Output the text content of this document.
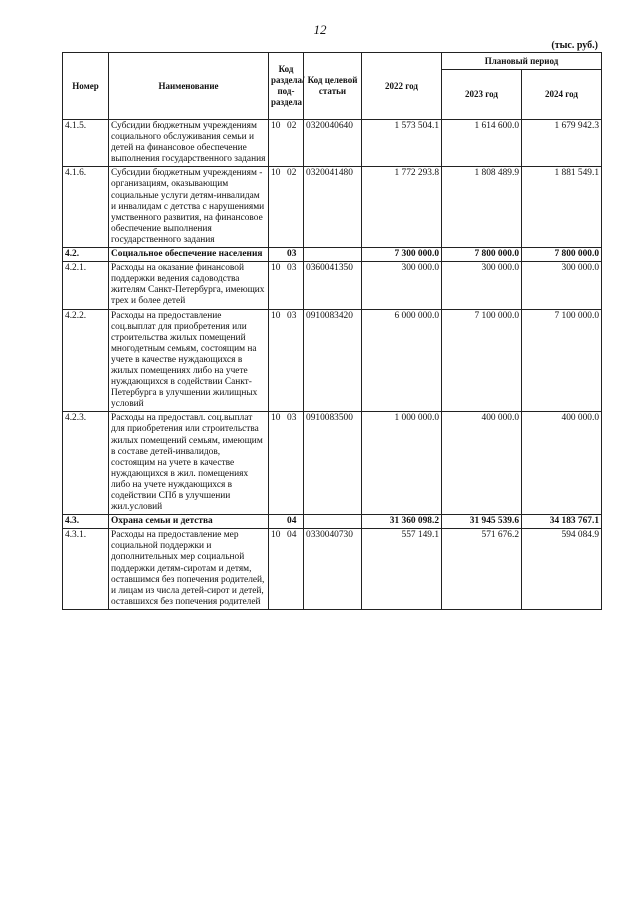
12
(тыс. руб.)
Номер	Наименование	Код раздела/ под-раздела	Код целевой статьи	2022 год	Плановый период	
					2023 год	2024 год
4.1.5.	Субсидии бюджетным учреждениям социального обслуживания семьи и детей на финансовое обеспечение выполнения государственного задания	10 02	0320040640	1 573 504.1	1 614 600.0	1 679 942.3
4.1.6.	Субсидии бюджетным учреждениям - организациям, оказывающим социальные услуги детям-инвалидам и инвалидам с детства с нарушениями умственного развития, на финансовое обеспечение выполнения государственного задания	10 02	0320041480	1 772 293.8	1 808 489.9	1 881 549.1
4.2.	Социальное обеспечение населения	03		7 300 000.0	7 800 000.0	7 800 000.0
4.2.1.	Расходы на оказание финансовой поддержки ведения садоводства жителям Санкт-Петербурга, имеющих трех и более детей	10 03	0360041350	300 000.0	300 000.0	300 000.0
4.2.2.	Расходы на предоставление соц.выплат для приобретения или строительства жилых помещений многодетным семьям, состоящим на учете в качестве нуждающихся в жилых помещениях либо на учете нуждающихся в содействии Санкт-Петербурга в улучшении жилищных условий	10 03	0910083420	6 000 000.0	7 100 000.0	7 100 000.0
4.2.3.	Расходы на предоставл. соц.выплат для приобретения или строительства жилых помещений семьям, имеющим в составе детей-инвалидов, состоящим на учете в качестве нуждающихся в жил. помещениях либо на учете нуждающихся в содействии СПб в улучшении жил.условий	10 03	0910083500	1 000 000.0	400 000.0	400 000.0
4.3.	Охрана семьи и детства	04		31 360 098.2	31 945 539.6	34 183 767.1
4.3.1.	Расходы на предоставление мер социальной поддержки и дополнительных мер социальной поддержки детям-сиротам и детям, оставшимся без попечения родителей, и лицам из числа детей-сирот и детей, оставшихся без попечения родителей	10 04	0330040730	557 149.1	571 676.2	594 084.9
